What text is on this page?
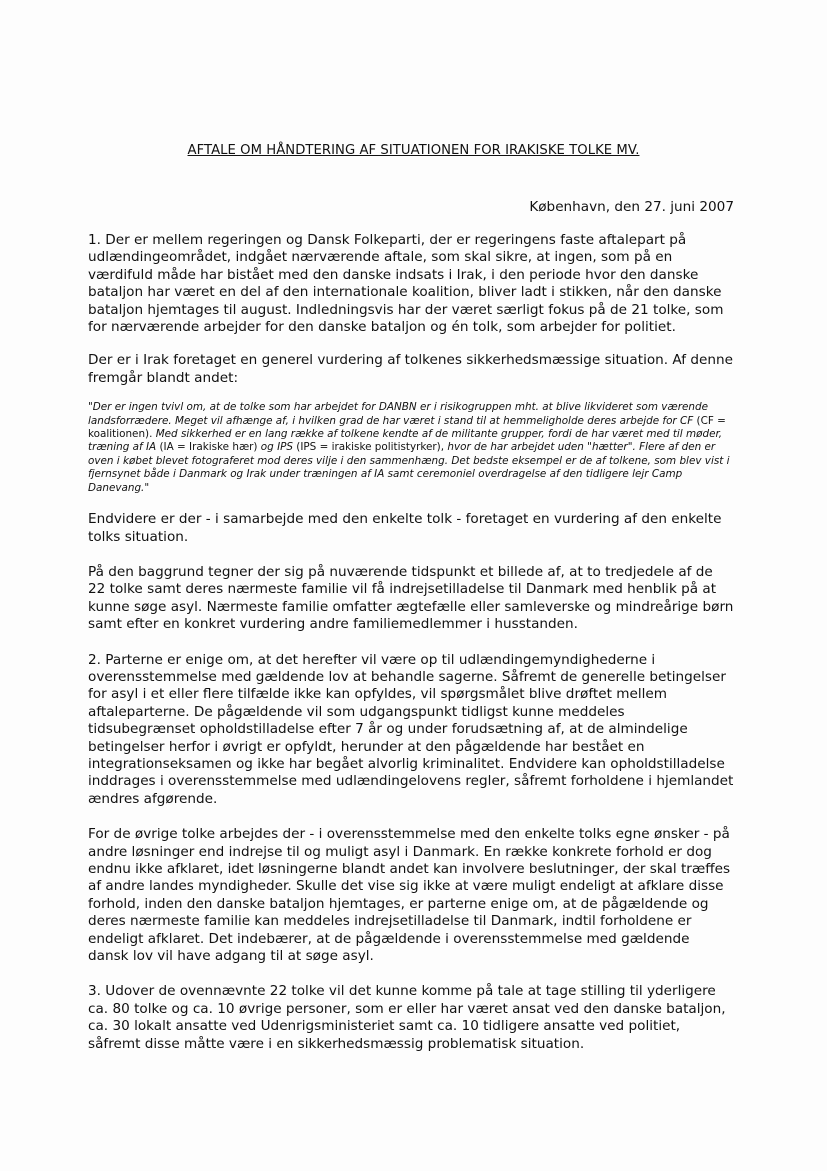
AFTALE OM HÅNDTERING AF SITUATIONEN FOR IRAKISKE TOLKE MV.
København, den 27. juni 2007

1. Der er mellem regeringen og Dansk Folkeparti, der er regeringens faste aftalepart på udlændingeområdet, indgået nærværende aftale, som skal sikre, at ingen, som på en værdifuld måde har bistået med den danske indsats i Irak, i den periode hvor den danske bataljon har været en del af den internationale koalition, bliver ladt i stikken, når den danske bataljon hjemtages til august. Indledningsvis har der været særligt fokus på de 21 tolke, som for nærværende arbejder for den danske bataljon og én tolk, som arbejder for politiet.

Der er i Irak foretaget en generel vurdering af tolkenes sikkerhedsmæssige situation. Af denne fremgår blandt andet:

"Der er ingen tvivl om, at de tolke som har arbejdet for DANBN er i risikogruppen mht. at blive likvideret som værende landsforrædere. Meget vil afhænge af, i hvilken grad de har været i stand til at hemmeligholde deres arbejde for CF (CF = koalitionen). Med sikkerhed er en lang række af tolkene kendte af de militante grupper, fordi de har været med til møder, træning af IA (IA = Irakiske hær) og IPS (IPS = irakiske politistyrker), hvor de har arbejdet uden "hætter". Flere af den er oven i købet blevet fotograferet mod deres vilje i den sammenhæng. Det bedste eksempel er de af tolkene, som blev vist i fjernsynet både i Danmark og Irak under træningen af IA samt ceremoniel overdragelse af den tidligere lejr Camp Danevang."

Endvidere er der - i samarbejde med den enkelte tolk - foretaget en vurdering af den enkelte tolks situation.

På den baggrund tegner der sig på nuværende tidspunkt et billede af, at to tredjedele af de 22 tolke samt deres nærmeste familie vil få indrejsetilladelse til Danmark med henblik på at kunne søge asyl. Nærmeste familie omfatter ægtefælle eller samleverske og mindreårige børn samt efter en konkret vurdering andre familiemedlemmer i husstanden.

2. Parterne er enige om, at det herefter vil være op til udlændingemyndighederne i overensstemmelse med gældende lov at behandle sagerne. Såfremt de generelle betingelser for asyl i et eller flere tilfælde ikke kan opfyldes, vil spørgsmålet blive drøftet mellem aftaleparterne. De pågældende vil som udgangspunkt tidligst kunne meddeles tidsubegrænset opholdstilladelse efter 7 år og under forudsætning af, at de almindelige betingelser herfor i øvrigt er opfyldt, herunder at den pågældende har bestået en integrationseksamen og ikke har begået alvorlig kriminalitet. Endvidere kan opholdstilladelse inddrages i overensstemmelse med udlændingelovens regler, såfremt forholdene i hjemlandet ændres afgørende.

For de øvrige tolke arbejdes der - i overensstemmelse med den enkelte tolks egne ønsker - på andre løsninger end indrejse til og muligt asyl i Danmark. En række konkrete forhold er dog endnu ikke afklaret, idet løsningerne blandt andet kan involvere beslutninger, der skal træffes af andre landes myndigheder. Skulle det vise sig ikke at være muligt endeligt at afklare disse forhold, inden den danske bataljon hjemtages, er parterne enige om, at de pågældende og deres nærmeste familie kan meddeles indrejsetilladelse til Danmark, indtil forholdene er endeligt afklaret. Det indebærer, at de pågældende i overensstemmelse med gældende dansk lov vil have adgang til at søge asyl.

3. Udover de ovennævnte 22 tolke vil det kunne komme på tale at tage stilling til yderligere ca. 80 tolke og ca. 10 øvrige personer, som er eller har været ansat ved den danske bataljon, ca. 30 lokalt ansatte ved Udenrigsministeriet samt ca. 10 tidligere ansatte ved politiet, såfremt disse måtte være i en sikkerhedsmæssig problematisk situation.
